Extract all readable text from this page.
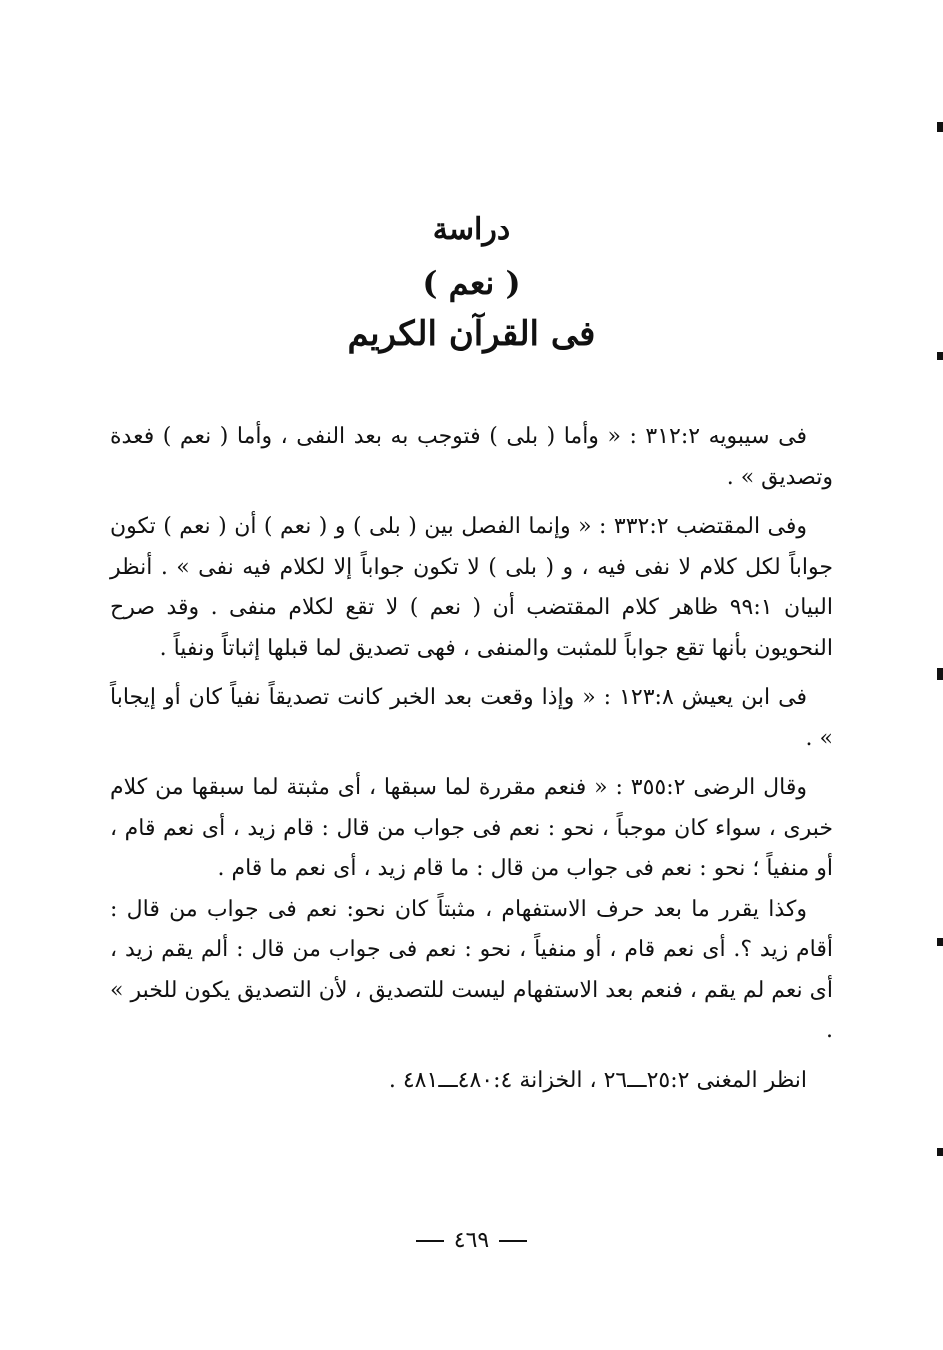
دراسة
( نعم )
فى القرآن الكريم

فى سيبويه ٣١٢:٢ : « وأما ( بلى ) فتوجب به بعد النفى ، وأما ( نعم ) فعدة وتصديق » .

وفى المقتضب ٣٣٢:٢ : « وإنما الفصل بين ( بلى ) و ( نعم ) أن ( نعم ) تكون جواباً لكل كلام لا نفى فيه ، و ( بلى ) لا تكون جواباً إلا لكلام فيه نفى » . أنظر البيان ٩٩:١ ظاهر كلام المقتضب أن ( نعم ) لا تقع لكلام منفى . وقد صرح النحويون بأنها تقع جواباً للمثبت والمنفى ، فهى تصديق لما قبلها إثباتاً ونفياً .

فى ابن يعيش ١٢٣:٨ : « وإذا وقعت بعد الخبر كانت تصديقاً نفياً كان أو إيجاباً » .

وقال الرضى ٣٥٥:٢ : « فنعم مقررة لما سبقها ، أى مثبتة لما سبقها من كلام خبرى ، سواء كان موجباً ، نحو : نعم فى جواب من قال : قام زيد ، أى نعم قام ، أو منفياً ؛ نحو : نعم فى جواب من قال : ما قام زيد ، أى نعم ما قام .

وكذا يقرر ما بعد حرف الاستفهام ، مثبتاً كان نحو: نعم فى جواب من قال : أقام زيد ؟. أى نعم قام ، أو منفياً ، نحو : نعم فى جواب من قال : ألم يقم زيد ، أى نعم لم يقم ، فنعم بعد الاستفهام ليست للتصديق ، لأن التصديق يكون للخبر » .

انظر المغنى ٢٥:٢ـــ٢٦ ، الخزانة ٤٨٠:٤ـــ٤٨١ .

٤٦٩
